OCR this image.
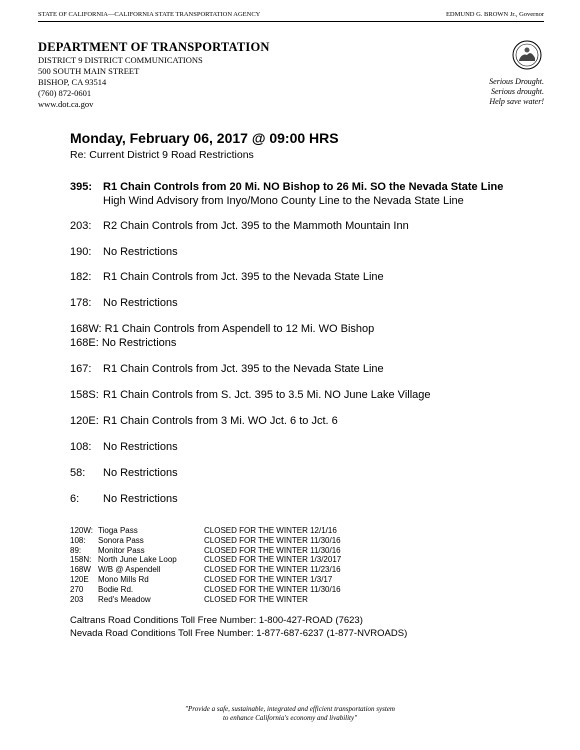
STATE OF CALIFORNIA—CALIFORNIA STATE TRANSPORTATION AGENCY	EDMUND G. BROWN Jr., Governor
DEPARTMENT OF TRANSPORTATION
DISTRICT 9 DISTRICT COMMUNICATIONS
500 SOUTH MAIN STREET
BISHOP, CA 93514
(760) 872-0601
www.dot.ca.gov
Serious Drought.
Serious drought.
Help save water!
Monday, February 06, 2017 @ 09:00 HRS
Re: Current District 9 Road Restrictions
395: R1 Chain Controls from 20 Mi. NO Bishop to 26 Mi. SO the Nevada State Line
High Wind Advisory from Inyo/Mono County Line to the Nevada State Line
203: R2 Chain Controls from Jct. 395 to the Mammoth Mountain Inn
190: No Restrictions
182: R1 Chain Controls from Jct. 395 to the Nevada State Line
178: No Restrictions
168W: R1 Chain Controls from Aspendell to 12 Mi. WO Bishop
168E: No Restrictions
167: R1 Chain Controls from Jct. 395 to the Nevada State Line
158S: R1 Chain Controls from S. Jct. 395 to 3.5 Mi. NO June Lake Village
120E: R1 Chain Controls from 3 Mi. WO Jct. 6 to Jct. 6
108: No Restrictions
58: No Restrictions
6: No Restrictions
120W: Tioga Pass	CLOSED FOR THE WINTER 12/1/16
108: Sonora Pass	CLOSED FOR THE WINTER 11/30/16
89: Monitor Pass	CLOSED FOR THE WINTER 11/30/16
158N: North June Lake Loop	CLOSED FOR THE WINTER 1/3/2017
168W W/B @ Aspendell	CLOSED FOR THE WINTER 11/23/16
120E Mono Mills Rd	CLOSED FOR THE WINTER 1/3/17
270 Bodie Rd.	CLOSED FOR THE WINTER 11/30/16
203 Red's Meadow	CLOSED FOR THE WINTER
Caltrans Road Conditions Toll Free Number: 1-800-427-ROAD (7623)
Nevada Road Conditions Toll Free Number: 1-877-687-6237 (1-877-NVROADS)
"Provide a safe, sustainable, integrated and efficient transportation system
to enhance California's economy and livability"
